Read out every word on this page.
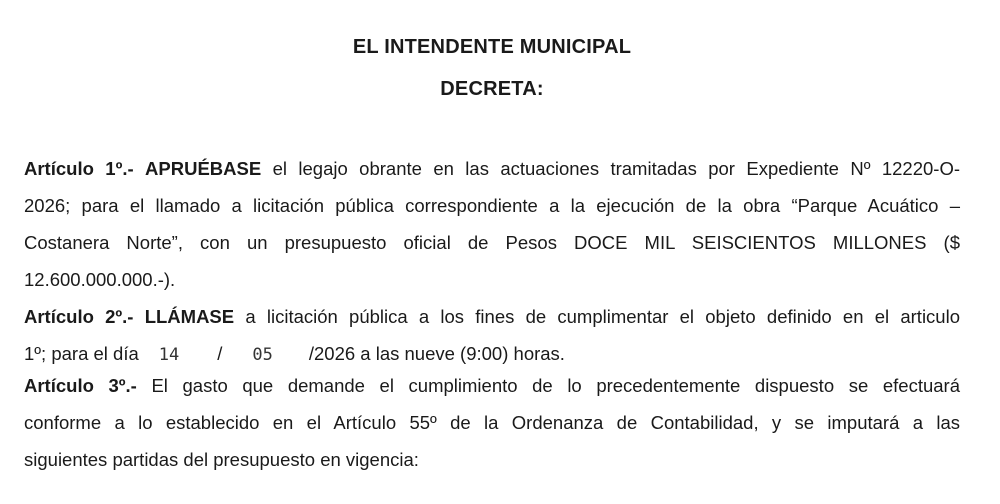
EL INTENDENTE MUNICIPAL
DECRETA:
Artículo 1º.- APRUÉBASE el legajo obrante en las actuaciones tramitadas por Expediente Nº 12220-O-
2026; para el llamado a licitación pública correspondiente a la ejecución de la obra “Parque Acuático –
Costanera Norte”, con un presupuesto oficial de Pesos DOCE MIL SEISCIENTOS MILLONES ($
12.600.000.000.-).
Artículo 2º.- LLÁMASE a licitación pública a los fines de cumplimentar el objeto definido en el articulo
1º; para el día 14 / 05 /2026 a las nueve (9:00) horas.
Artículo 3º.- El gasto que demande el cumplimiento de lo precedentemente dispuesto se efectuará
conforme a lo establecido en el Artículo 55º de la Ordenanza de Contabilidad, y se imputará a las
siguientes partidas del presupuesto en vigencia:
